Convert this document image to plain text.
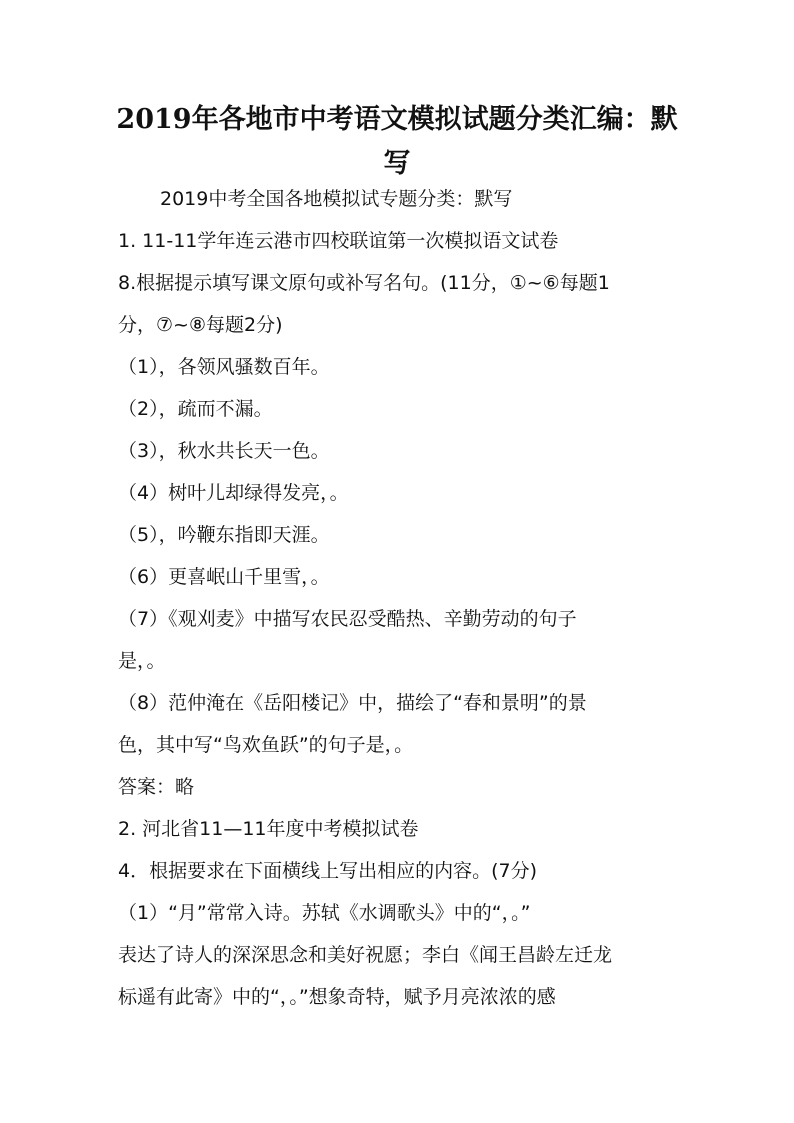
2019年各地市中考语文模拟试题分类汇编：默
写

2019中考全国各地模拟试专题分类：默写

1. 11-11学年连云港市四校联谊第一次模拟语文试卷

8.根据提示填写课文原句或补写名句。(11分，①~⑥每题1

分，⑦~⑧每题2分)

（1），各领风骚数百年。

（2），疏而不漏。

（3），秋水共长天一色。

（4）树叶儿却绿得发亮，。

（5），吟鞭东指即天涯。

（6）更喜岷山千里雪，。

（7）《观刈麦》中描写农民忍受酷热、辛勤劳动的句子

是，。

（8）范仲淹在《岳阳楼记》中，描绘了“春和景明”的景

色，其中写“鸟欢鱼跃”的句子是，。

答案：略

2. 河北省11—11年度中考模拟试卷

4．根据要求在下面横线上写出相应的内容。(7分)

（1）“月”常常入诗。苏轼《水调歌头》中的“，。”

表达了诗人的深深思念和美好祝愿；李白《闻王昌龄左迁龙

标遥有此寄》中的“，。”想象奇特，赋予月亮浓浓的感
